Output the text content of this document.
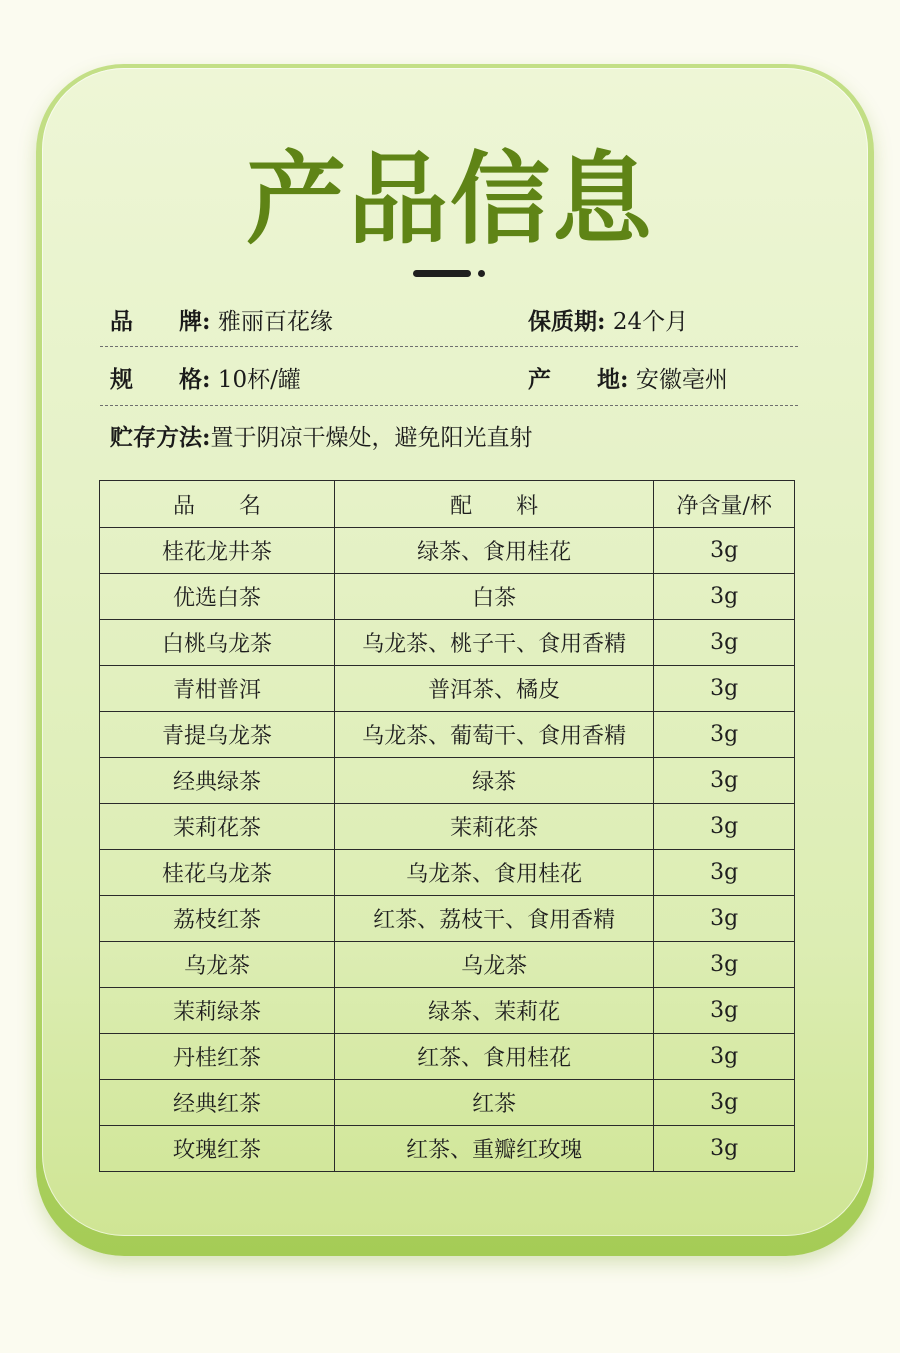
产品信息
品　　牌: 雅丽百花缘	保质期: 24个月
规　　格: 10杯/罐	产　　地: 安徽亳州
贮存方法:置于阴凉干燥处，避免阳光直射
品　　名	配　　料	净含量/杯
桂花龙井茶	绿茶、食用桂花	3g
优选白茶	白茶	3g
白桃乌龙茶	乌龙茶、桃子干、食用香精	3g
青柑普洱	普洱茶、橘皮	3g
青提乌龙茶	乌龙茶、葡萄干、食用香精	3g
经典绿茶	绿茶	3g
茉莉花茶	茉莉花茶	3g
桂花乌龙茶	乌龙茶、食用桂花	3g
荔枝红茶	红茶、荔枝干、食用香精	3g
乌龙茶	乌龙茶	3g
茉莉绿茶	绿茶、茉莉花	3g
丹桂红茶	红茶、食用桂花	3g
经典红茶	红茶	3g
玫瑰红茶	红茶、重瓣红玫瑰	3g
